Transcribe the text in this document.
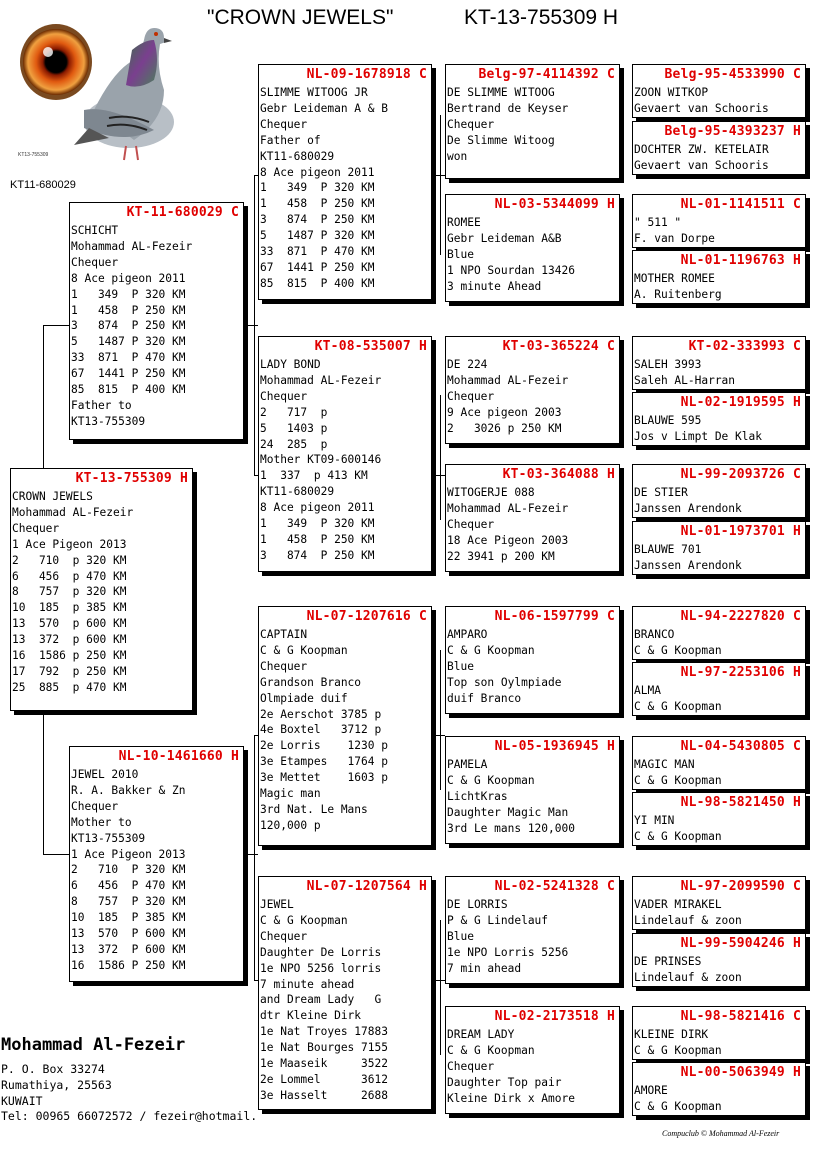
"CROWN JEWELS"	KT-13-755309 H
KT13-755309
KT11-680029
KT-13-755309 H
CROWN JEWELS
Mohammad AL-Fezeir
Chequer
1 Ace Pigeon 2013
2   710  p 320 KM
6   456  p 470 KM
8   757  p 320 KM
10  185  p 385 KM
13  570  p 600 KM
13  372  p 600 KM
16  1586 p 250 KM
17  792  p 250 KM
25  885  p 470 KM
KT-11-680029 C
SCHICHT
Mohammad AL-Fezeir
Chequer
8 Ace pigeon 2011
1   349  P 320 KM
1   458  P 250 KM
3   874  P 250 KM
5   1487 P 320 KM
33  871  P 470 KM
67  1441 P 250 KM
85  815  P 400 KM
Father to
KT13-755309
NL-10-1461660 H
JEWEL 2010
R. A. Bakker & Zn
Chequer
Mother to
KT13-755309
1 Ace Pigeon 2013
2   710  P 320 KM
6   456  P 470 KM
8   757  P 320 KM
10  185  P 385 KM
13  570  P 600 KM
13  372  P 600 KM
16  1586 P 250 KM
NL-09-1678918 C
SLIMME WITOOG JR
Gebr Leideman A & B
Chequer
Father of
KT11-680029
8 Ace pigeon 2011
1   349  P 320 KM
1   458  P 250 KM
3   874  P 250 KM
5   1487 P 320 KM
33  871  P 470 KM
67  1441 P 250 KM
85  815  P 400 KM
KT-08-535007 H
LADY BOND
Mohammad AL-Fezeir
Chequer
2   717  p
5   1403 p
24  285  p
Mother KT09-600146
1  337  p 413 KM
KT11-680029
8 Ace pigeon 2011
1   349  P 320 KM
1   458  P 250 KM
3   874  P 250 KM
NL-07-1207616 C
CAPTAIN
C & G Koopman
Chequer
Grandson Branco
Olmpiade duif
2e Aerschot 3785 p
4e Boxtel   3712 p
2e Lorris    1230 p
3e Etampes   1764 p
3e Mettet    1603 p
Magic man
3rd Nat. Le Mans
120,000 p
NL-07-1207564 H
JEWEL
C & G Koopman
Chequer
Daughter De Lorris
1e NPO 5256 lorris
7 minute ahead
and Dream Lady   G
dtr Kleine Dirk
1e Nat Troyes 17883
1e Nat Bourges 7155
1e Maaseik     3522
2e Lommel      3612
3e Hasselt     2688
Belg-97-4114392 C
DE SLIMME WITOOG
Bertrand de Keyser
Chequer
De Slimme Witoog
won
NL-03-5344099 H
ROMEE
Gebr Leideman A&B
Blue
1 NPO Sourdan 13426
3 minute Ahead
KT-03-365224 C
DE 224
Mohammad AL-Fezeir
Chequer
9 Ace pigeon 2003
2   3026 p 250 KM
KT-03-364088 H
WITOGERJE 088
Mohammad AL-Fezeir
Chequer
18 Ace Pigeon 2003
22 3941 p 200 KM
NL-06-1597799 C
AMPARO
C & G Koopman
Blue
Top son Oylmpiade
duif Branco
NL-05-1936945 H
PAMELA
C & G Koopman
LichtKras
Daughter Magic Man
3rd Le mans 120,000
NL-02-5241328 C
DE LORRIS
P & G Lindelauf
Blue
1e NPO Lorris 5256
7 min ahead
NL-02-2173518 H
DREAM LADY
C & G Koopman
Chequer
Daughter Top pair
Kleine Dirk x Amore
Belg-95-4533990 C
ZOON WITKOP
Gevaert van Schooris
Belg-95-4393237 H
DOCHTER ZW. KETELAIR
Gevaert van Schooris
NL-01-1141511 C
" 511 "
F. van Dorpe
NL-01-1196763 H
MOTHER ROMEE
A. Ruitenberg
KT-02-333993 C
SALEH 3993
Saleh AL-Harran
NL-02-1919595 H
BLAUWE 595
Jos v Limpt De Klak
NL-99-2093726 C
DE STIER
Janssen Arendonk
NL-01-1973701 H
BLAUWE 701
Janssen Arendonk
NL-94-2227820 C
BRANCO
C & G Koopman
NL-97-2253106 H
ALMA
C & G Koopman
NL-04-5430805 C
MAGIC MAN
C & G Koopman
NL-98-5821450 H
YI MIN
C & G Koopman
NL-97-2099590 C
VADER MIRAKEL
Lindelauf & zoon
NL-99-5904246 H
DE PRINSES
Lindelauf & zoon
NL-98-5821416 C
KLEINE DIRK
C & G Koopman
NL-00-5063949 H
AMORE
C & G Koopman
Mohammad Al-Fezeir
P. O. Box 33274
Rumathiya, 25563
KUWAIT
Tel: 00965 66072572 / fezeir@hotmail.
Compuclub © Mohammad Al-Fezeir
